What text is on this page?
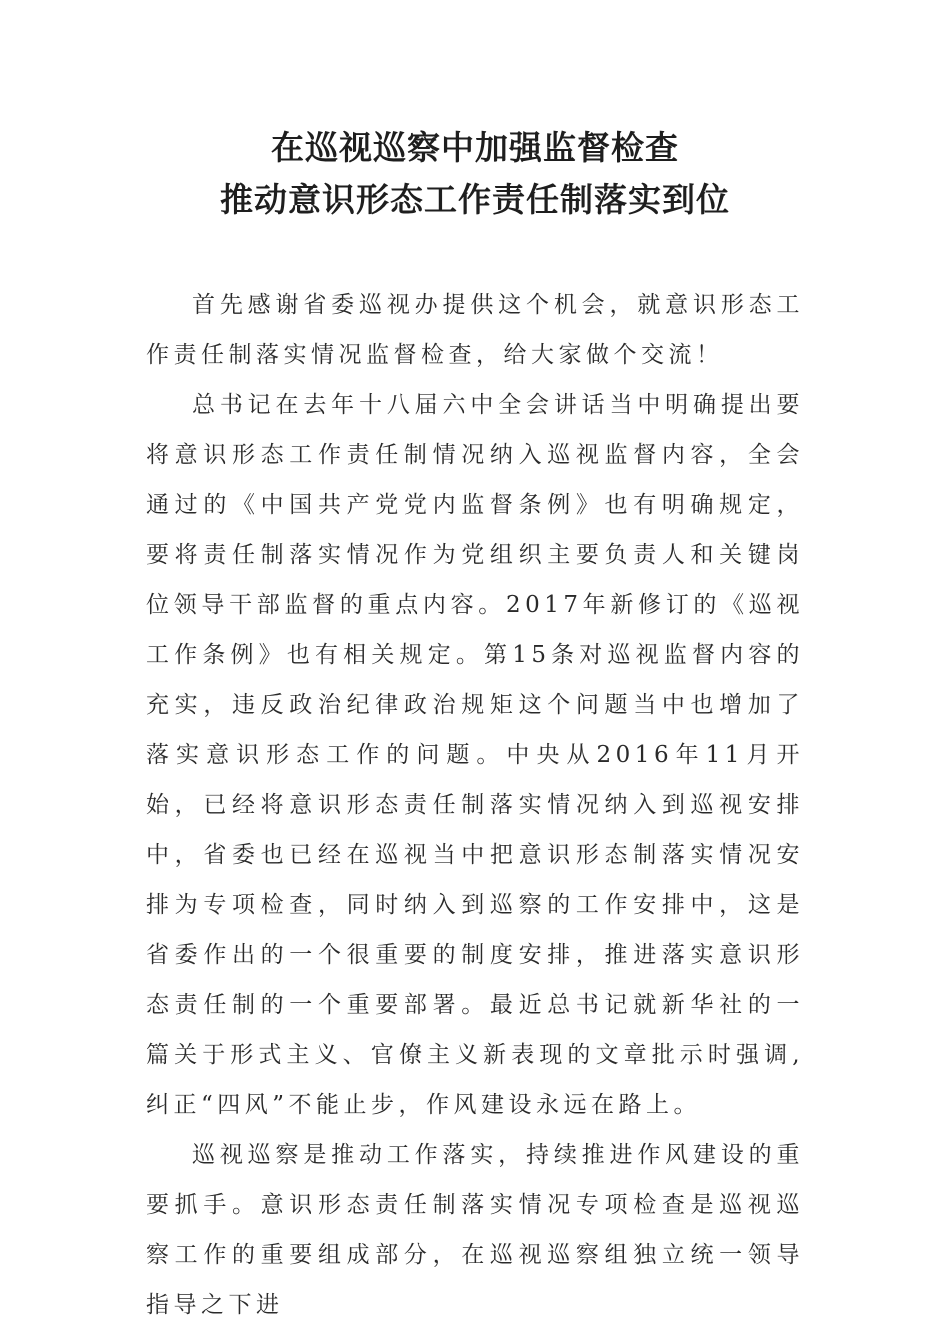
在巡视巡察中加强监督检查
推动意识形态工作责任制落实到位

首先感谢省委巡视办提供这个机会，就意识形态工作责任制落实情况监督检查，给大家做个交流！

总书记在去年十八届六中全会讲话当中明确提出要将意识形态工作责任制情况纳入巡视监督内容，全会通过的《中国共产党党内监督条例》也有明确规定，要将责任制落实情况作为党组织主要负责人和关键岗位领导干部监督的重点内容。2017年新修订的《巡视工作条例》也有相关规定。第15条对巡视监督内容的充实，违反政治纪律政治规矩这个问题当中也增加了落实意识形态工作的问题。中央从2016年11月开始，已经将意识形态责任制落实情况纳入到巡视安排中，省委也已经在巡视当中把意识形态制落实情况安排为专项检查，同时纳入到巡察的工作安排中，这是省委作出的一个很重要的制度安排，推进落实意识形态责任制的一个重要部署。最近总书记就新华社的一篇关于形式主义、官僚主义新表现的文章批示时强调,纠正“四风”不能止步，作风建设永远在路上。

巡视巡察是推动工作落实，持续推进作风建设的重要抓手。意识形态责任制落实情况专项检查是巡视巡察工作的重要组成部分，在巡视巡察组独立统一领导指导之下进
